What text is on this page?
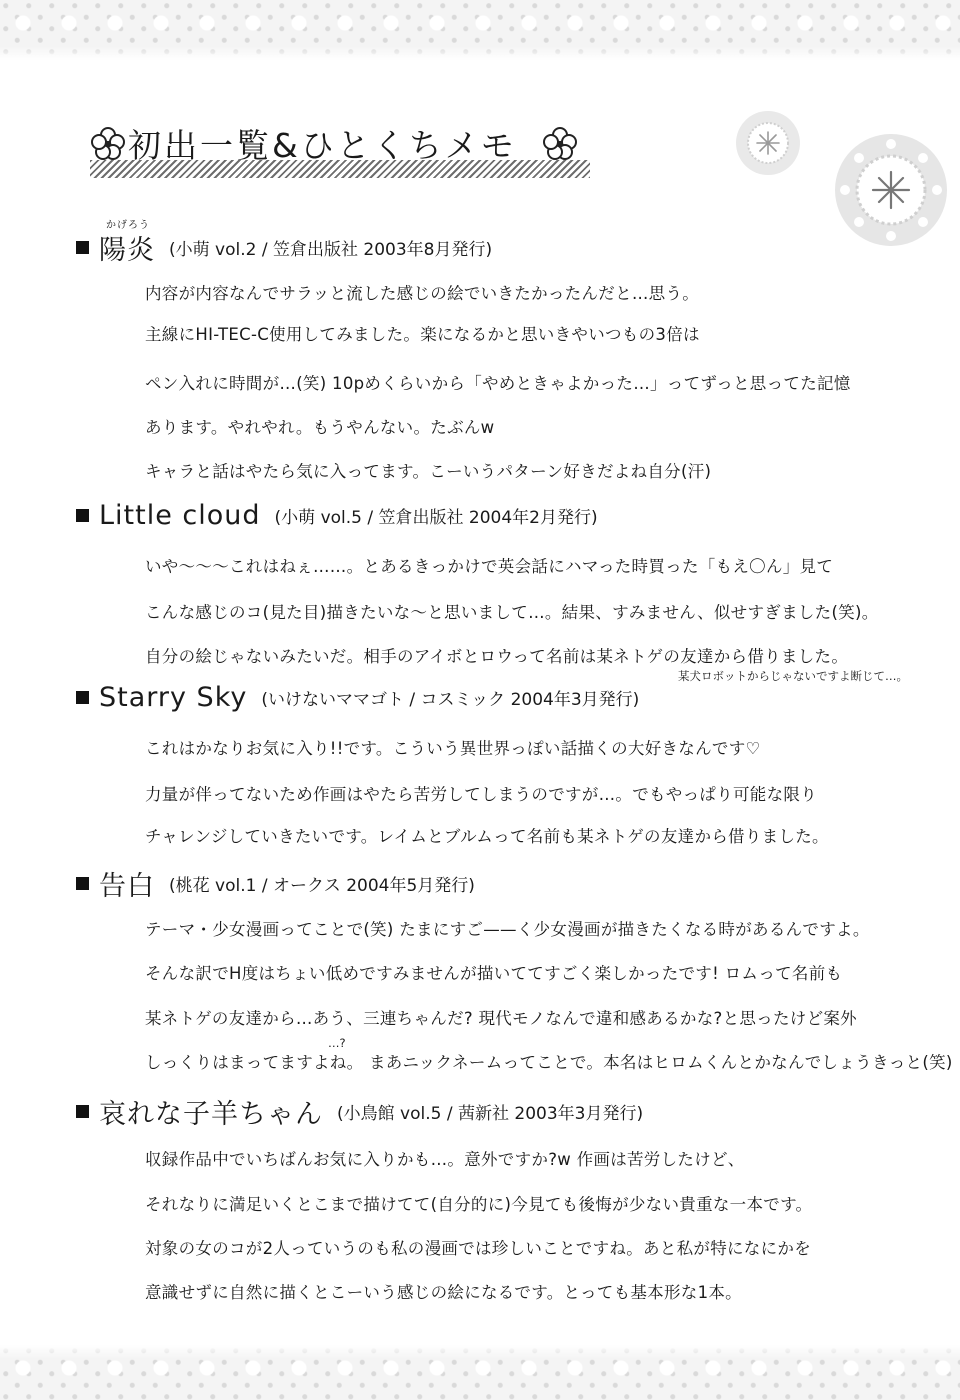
初出一覧&ひとくちメモ
かげろう
陽炎 (小萌 vol.2 / 笠倉出版社 2003年8月発行)
内容が内容なんでサラッと流した感じの絵でいきたかったんだと…思う。
主線にHI-TEC-C使用してみました。楽になるかと思いきやいつもの3倍は
ペン入れに時間が…(笑) 10pめくらいから「やめときゃよかった…」ってずっと思ってた記憶
あります。やれやれ。もうやんない。たぶんw
キャラと話はやたら気に入ってます。こーいうパターン好きだよね自分(汗)
Little cloud (小萌 vol.5 / 笠倉出版社 2004年2月発行)
いや〜〜〜これはねぇ……。とあるきっかけで英会話にハマった時買った「もえ〇ん」見て
こんな感じのコ(見た目)描きたいな〜と思いまして…。結果、すみません、似せすぎました(笑)。
自分の絵じゃないみたいだ。相手のアイボとロウって名前は某ネトゲの友達から借りました。
某犬ロボットからじゃないですよ断じて…。
Starry Sky (いけないママゴト / コスミック 2004年3月発行)
これはかなりお気に入り!!です。こういう異世界っぽい話描くの大好きなんです♡
力量が伴ってないため作画はやたら苦労してしまうのですが…。でもやっぱり可能な限り
チャレンジしていきたいです。レイムとブルムって名前も某ネトゲの友達から借りました。
告白 (桃花 vol.1 / オークス 2004年5月発行)
テーマ・少女漫画ってことで(笑) たまにすご——く少女漫画が描きたくなる時があるんですよ。
そんな訳でH度はちょい低めですみませんが描いててすごく楽しかったです! ロムって名前も
某ネトゲの友達から…あう、三連ちゃんだ? 現代モノなんで違和感あるかな?と思ったけど案外
…?
しっくりはまってますよね。 まあニックネームってことで。本名はヒロムくんとかなんでしょうきっと(笑)
哀れな子羊ちゃん (小鳥館 vol.5 / 茜新社 2003年3月発行)
収録作品中でいちばんお気に入りかも…。意外ですか?w 作画は苦労したけど、
それなりに満足いくとこまで描けてて(自分的に)今見ても後悔が少ない貴重な一本です。
対象の女のコが2人っていうのも私の漫画では珍しいことですね。あと私が特になにかを
意識せずに自然に描くとこーいう感じの絵になるです。とっても基本形な1本。
